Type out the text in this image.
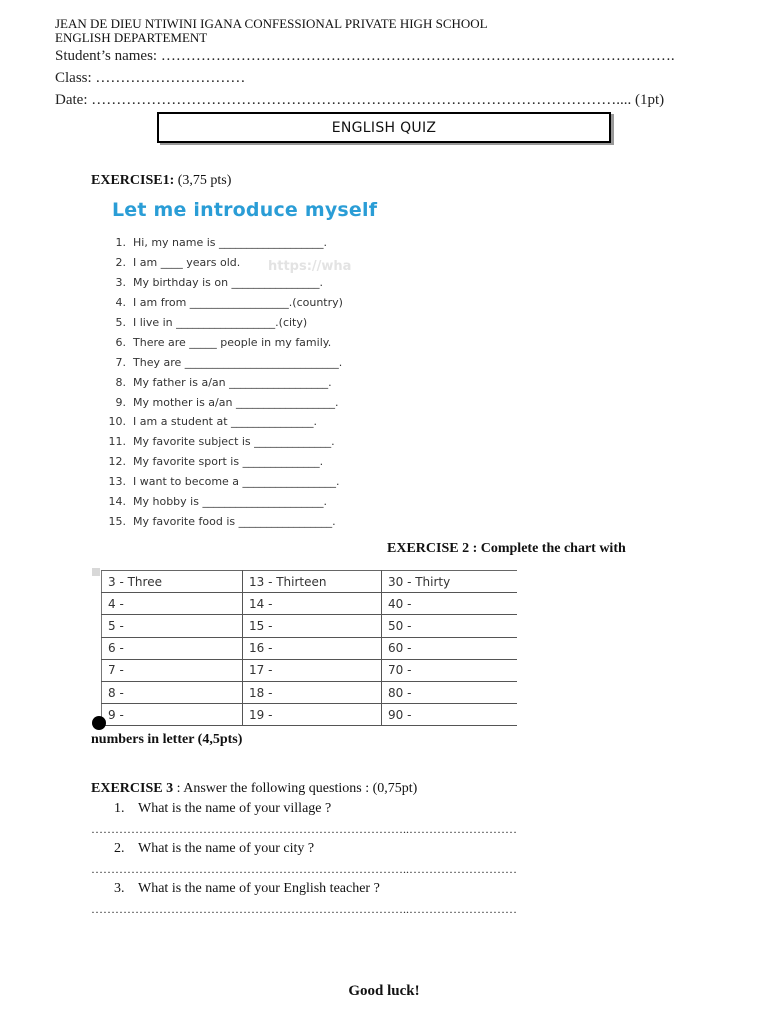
JEAN DE DIEU NTIWINI IGANA CONFESSIONAL PRIVATE HIGH SCHOOL
ENGLISH DEPARTEMENT
Student’s names: ………………………………………………………………………………………….
Class: …………………………
Date: …………………………………………………………………………………………….... (1pt)
ENGLISH QUIZ
EXERCISE1: (3,75 pts)
Let me introduce myself
https://wha
1. Hi, my name is ___________________.
2. I am ____ years old.
3. My birthday is on ________________.
4. I am from __________________.(country)
5. I live in __________________.(city)
6. There are _____ people in my family.
7. They are ____________________________.
8. My father is a/an __________________.
9. My mother is a/an __________________.
10. I am a student at _______________.
11. My favorite subject is ______________.
12. My favorite sport is ______________.
13. I want to become a _________________.
14. My hobby is ______________________.
15. My favorite food is _________________.
EXERCISE 2 : Complete the chart with
3 - Three	13 - Thirteen	30 - Thirty
4 -	14 -	40 -
5 -	15 -	50 -
6 -	16 -	60 -
7 -	17 -	70 -
8 -	18 -	80 -
9 -	19 -	90 -
numbers in letter (4,5pts)
EXERCISE 3 : Answer the following questions : (0,75pt)
1. What is the name of your village ?
……………………………………………………………………..………………………
2. What is the name of your city ?
……………………………………………………………………..………………………
3. What is the name of your English teacher ?
……………………………………………………………………..………………………
Good luck!
